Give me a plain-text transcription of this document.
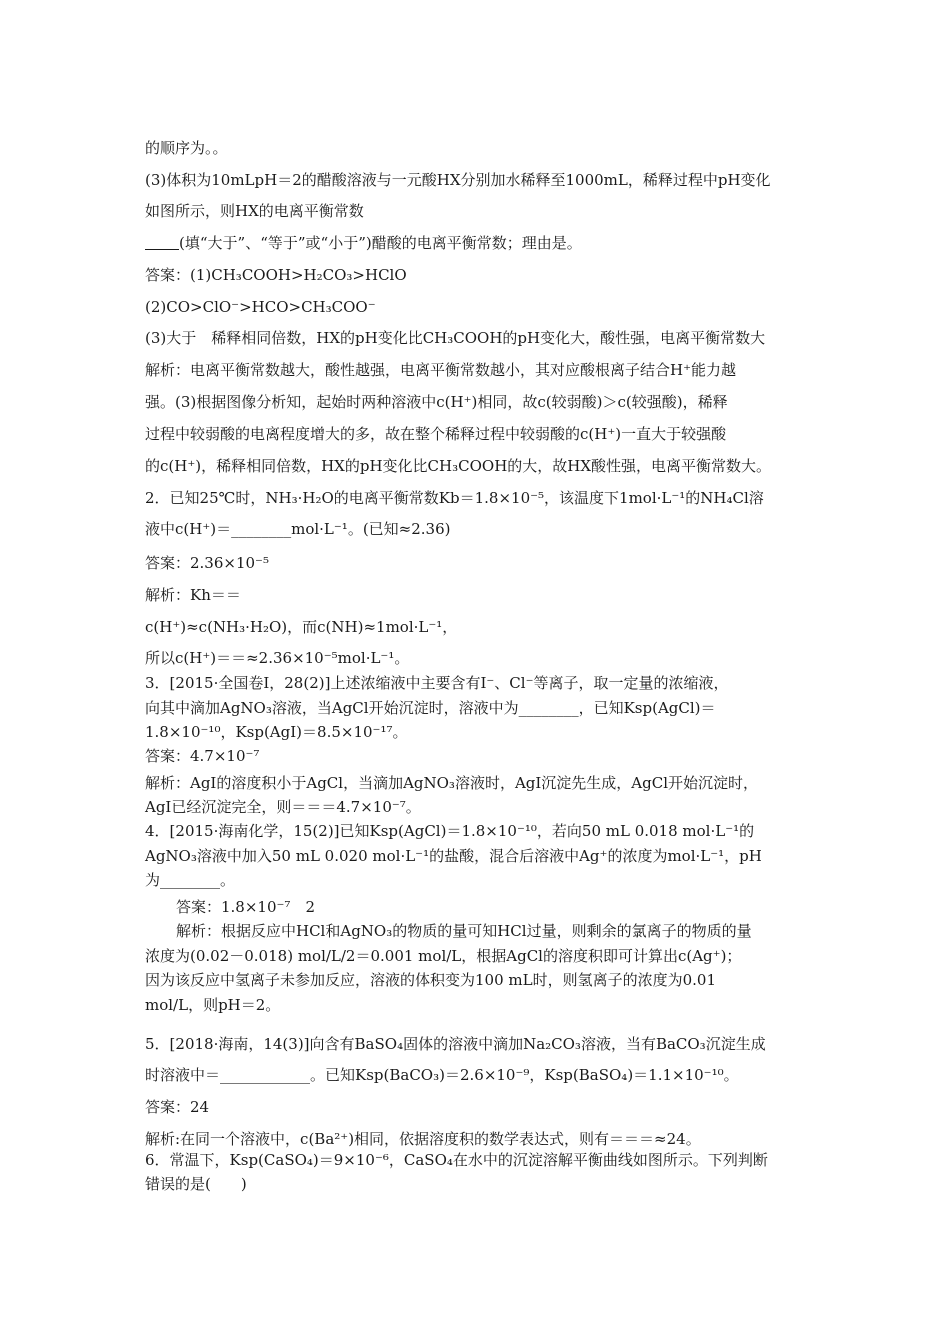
的顺序为。。
(3)体积为10mLpH＝2的醋酸溶液与一元酸HX分别加水稀释至1000mL，稀释过程中pH变化
如图所示，则HX的电离平衡常数
(填“大于”、“等于”或“小于”)醋酸的电离平衡常数；理由是。
答案：(1)CH₃COOH>H₂CO₃>HClO
(2)CO>ClO⁻>HCO>CH₃COO⁻
(3)大于　稀释相同倍数，HX的pH变化比CH₃COOH的pH变化大，酸性强，电离平衡常数大
解析：电离平衡常数越大，酸性越强，电离平衡常数越小，其对应酸根离子结合H⁺能力越
强。(3)根据图像分析知，起始时两种溶液中c(H⁺)相同，故c(较弱酸)＞c(较强酸)，稀释
过程中较弱酸的电离程度增大的多，故在整个稀释过程中较弱酸的c(H⁺)一直大于较强酸
的c(H⁺)，稀释相同倍数，HX的pH变化比CH₃COOH的大，故HX酸性强，电离平衡常数大。
2．已知25℃时，NH₃·H₂O的电离平衡常数Kb＝1.8×10⁻⁵，该温度下1mol·L⁻¹的NH₄Cl溶
液中c(H⁺)＝________mol·L⁻¹。(已知≈2.36)
答案：2.36×10⁻⁵
解析：Kh＝＝
c(H⁺)≈c(NH₃·H₂O)，而c(NH)≈1mol·L⁻¹，
所以c(H⁺)＝＝≈2.36×10⁻⁵mol·L⁻¹。
3．[2015·全国卷Ⅰ，28(2)]上述浓缩液中主要含有I⁻、Cl⁻等离子，取一定量的浓缩液，
向其中滴加AgNO₃溶液，当AgCl开始沉淀时，溶液中为________，已知Ksp(AgCl)＝
1.8×10⁻¹⁰，Ksp(AgI)＝8.5×10⁻¹⁷。
答案：4.7×10⁻⁷
解析：AgI的溶度积小于AgCl，当滴加AgNO₃溶液时，AgI沉淀先生成，AgCl开始沉淀时，
AgI已经沉淀完全，则＝＝＝4.7×10⁻⁷。
4．[2015·海南化学，15(2)]已知Ksp(AgCl)＝1.8×10⁻¹⁰，若向50 mL 0.018 mol·L⁻¹的
AgNO₃溶液中加入50 mL 0.020 mol·L⁻¹的盐酸，混合后溶液中Ag⁺的浓度为mol·L⁻¹，pH
为________。
答案：1.8×10⁻⁷　2
解析：根据反应中HCl和AgNO₃的物质的量可知HCl过量，则剩余的氯离子的物质的量
浓度为(0.02－0.018) mol/L/2＝0.001 mol/L，根据AgCl的溶度积即可计算出c(Ag⁺)；
因为该反应中氢离子未参加反应，溶液的体积变为100 mL时，则氢离子的浓度为0.01
mol/L，则pH＝2。
5．[2018·海南，14(3)]向含有BaSO₄固体的溶液中滴加Na₂CO₃溶液，当有BaCO₃沉淀生成
时溶液中＝____________。已知Ksp(BaCO₃)＝2.6×10⁻⁹，Ksp(BaSO₄)＝1.1×10⁻¹⁰。
答案：24
解析:在同一个溶液中，c(Ba²⁺)相同，依据溶度积的数学表达式，则有＝＝＝≈24。
6．常温下，Ksp(CaSO₄)＝9×10⁻⁶，CaSO₄在水中的沉淀溶解平衡曲线如图所示。下列判断
错误的是(　　)
